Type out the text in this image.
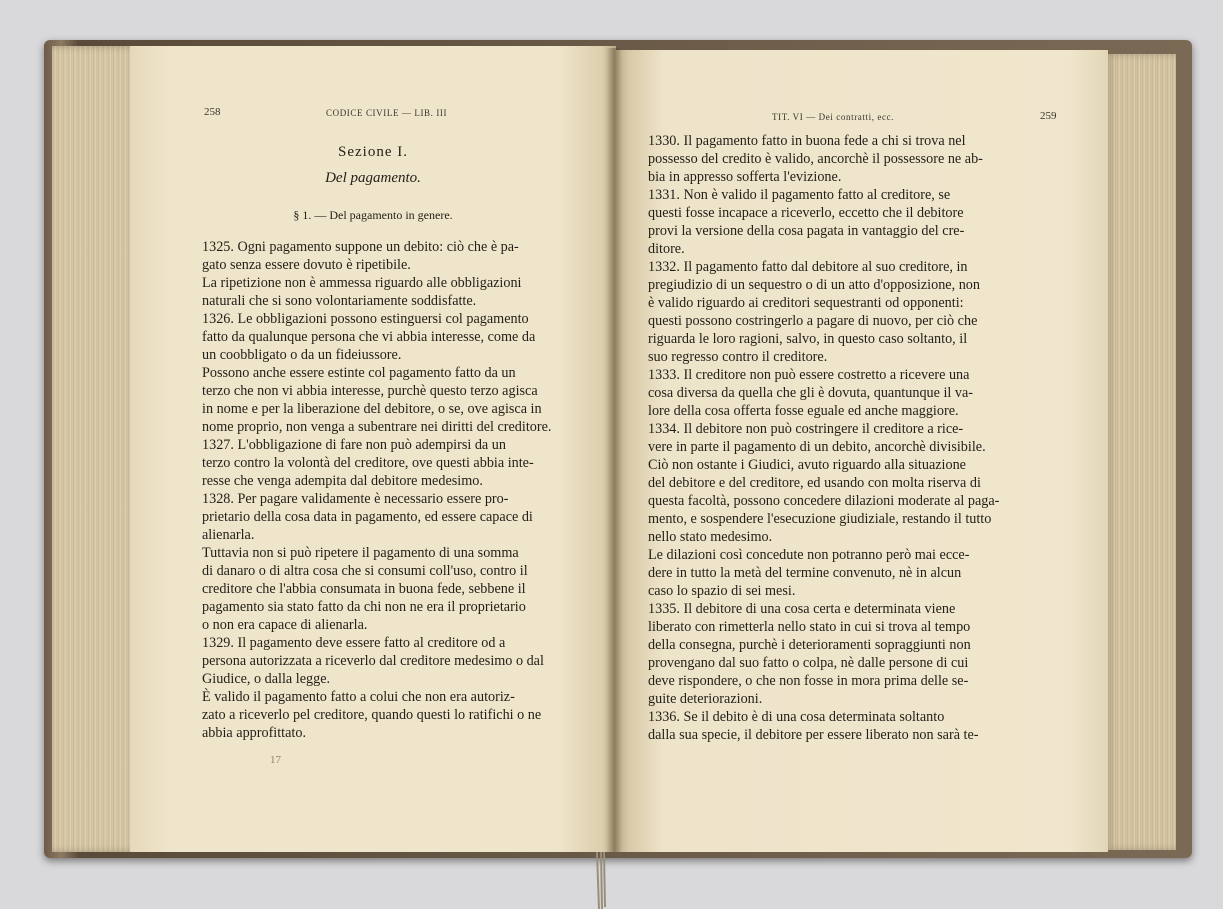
258	CODICE CIVILE — LIB. III
Sezione I.
Del pagamento.
§ 1. — Del pagamento in genere.
1325. Ogni pagamento suppone un debito: ciò che è pa-
gato senza essere dovuto è ripetibile.
La ripetizione non è ammessa riguardo alle obbligazioni
naturali che si sono volontariamente soddisfatte.
1326. Le obbligazioni possono estinguersi col pagamento
fatto da qualunque persona che vi abbia interesse, come da
un coobbligato o da un fideiussore.
Possono anche essere estinte col pagamento fatto da un
terzo che non vi abbia interesse, purchè questo terzo agisca
in nome e per la liberazione del debitore, o se, ove agisca in
nome proprio, non venga a subentrare nei diritti del creditore.
1327. L'obbligazione di fare non può adempirsi da un
terzo contro la volontà del creditore, ove questi abbia inte-
resse che venga adempita dal debitore medesimo.
1328. Per pagare validamente è necessario essere pro-
prietario della cosa data in pagamento, ed essere capace di
alienarla.
Tuttavia non si può ripetere il pagamento di una somma
di danaro o di altra cosa che si consumi coll'uso, contro il
creditore che l'abbia consumata in buona fede, sebbene il
pagamento sia stato fatto da chi non ne era il proprietario
o non era capace di alienarla.
1329. Il pagamento deve essere fatto al creditore od a
persona autorizzata a riceverlo dal creditore medesimo o dal
Giudice, o dalla legge.
È valido il pagamento fatto a colui che non era autoriz-
zato a riceverlo pel creditore, quando questi lo ratifichi o ne
abbia approfittato.
17
TIT. VI — Dei contratti, ecc.	259
1330. Il pagamento fatto in buona fede a chi si trova nel
possesso del credito è valido, ancorchè il possessore ne ab-
bia in appresso sofferta l'evizione.
1331. Non è valido il pagamento fatto al creditore, se
questi fosse incapace a riceverlo, eccetto che il debitore
provi la versione della cosa pagata in vantaggio del cre-
ditore.
1332. Il pagamento fatto dal debitore al suo creditore, in
pregiudizio di un sequestro o di un atto d'opposizione, non
è valido riguardo ai creditori sequestranti od opponenti:
questi possono costringerlo a pagare di nuovo, per ciò che
riguarda le loro ragioni, salvo, in questo caso soltanto, il
suo regresso contro il creditore.
1333. Il creditore non può essere costretto a ricevere una
cosa diversa da quella che gli è dovuta, quantunque il va-
lore della cosa offerta fosse eguale ed anche maggiore.
1334. Il debitore non può costringere il creditore a rice-
vere in parte il pagamento di un debito, ancorchè divisibile.
Ciò non ostante i Giudici, avuto riguardo alla situazione
del debitore e del creditore, ed usando con molta riserva di
questa facoltà, possono concedere dilazioni moderate al paga-
mento, e sospendere l'esecuzione giudiziale, restando il tutto
nello stato medesimo.
Le dilazioni così concedute non potranno però mai ecce-
dere in tutto la metà del termine convenuto, nè in alcun
caso lo spazio di sei mesi.
1335. Il debitore di una cosa certa e determinata viene
liberato con rimetterla nello stato in cui si trova al tempo
della consegna, purchè i deterioramenti sopraggiunti non
provengano dal suo fatto o colpa, nè dalle persone di cui
deve rispondere, o che non fosse in mora prima delle se-
guite deteriorazioni.
1336. Se il debito è di una cosa determinata soltanto
dalla sua specie, il debitore per essere liberato non sarà te-
